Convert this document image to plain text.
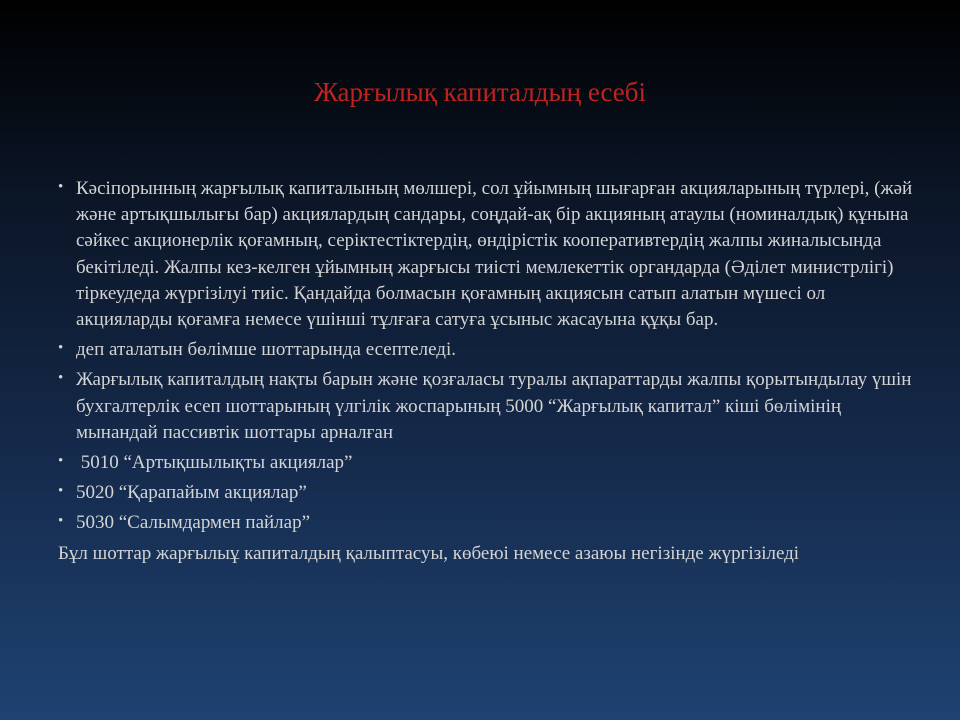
Жарғылық капиталдың есебі
• Кәсіпорынның жарғылық капиталының мөлшері, сол ұйымның шығарған акцияларының түрлері, (жәй және артықшылығы бар) акциялардың сандары, соңдай-ақ бір акцияның атаулы (номиналдық) құнына сәйкес акционерлік қоғамның, серіктестіктердің, өндірістік кооперативтердің жалпы жиналысында бекітіледі. Жалпы кез-келген ұйымның жарғысы тиісті мемлекеттік органдарда (Әділет министрлігі) тіркеудеда жүргізілуі тиіс. Қандайда болмасын қоғамның акциясын сатып алатын мүшесі ол акцияларды қоғамға немесе үшінші тұлғаға сатуға ұсыныс жасауына құқы бар.
• деп аталатын бөлімше шоттарында есептеледі.
• Жарғылық капиталдың нақты барын және қозғаласы туралы ақпараттарды жалпы қорытындылау үшін бухгалтерлік есеп шоттарының үлгілік жоспарының 5000 “Жарғылық капитал” кіші бөлімінің мынандай пассивтік шоттары арналған
• 5010 “Артықшылықты акциялар”
• 5020 “Қарапайым акциялар”
• 5030 “Салымдармен пайлар”
Бұл шоттар жарғылыұ капиталдың қалыптасуы, көбеюі немесе азаюы негізінде жүргізіледі
